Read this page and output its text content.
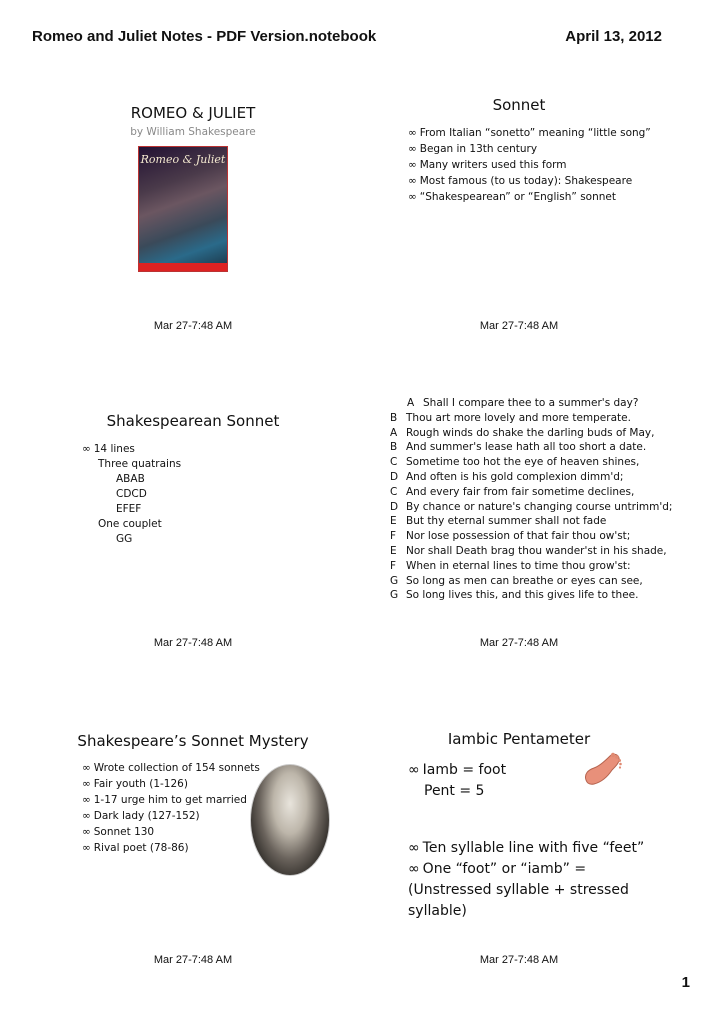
Romeo and Juliet Notes - PDF Version.notebook	April 13, 2012
ROMEO & JULIET
by William Shakespeare
Romeo & Juliet
Mar 27-7:48 AM
Sonnet
∞ From Italian “sonetto” meaning “little song”
∞ Began in 13th century
∞ Many writers used this form
∞ Most famous (to us today): Shakespeare
∞ “Shakespearean” or “English” sonnet
Mar 27-7:48 AM
Shakespearean Sonnet
∞ 14 lines
Three quatrains
ABAB
CDCD
EFEF
One couplet
GG
Mar 27-7:48 AM
A Shall I compare thee to a summer's day?
B Thou art more lovely and more temperate.
A Rough winds do shake the darling buds of May,
B And summer's lease hath all too short a date.
C Sometime too hot the eye of heaven shines,
D And often is his gold complexion dimm'd;
C And every fair from fair sometime declines,
D By chance or nature's changing course untrimm'd;
E But thy eternal summer shall not fade
F Nor lose possession of that fair thou ow'st;
E Nor shall Death brag thou wander'st in his shade,
F When in eternal lines to time thou grow'st:
G So long as men can breathe or eyes can see,
G So long lives this, and this gives life to thee.
Mar 27-7:48 AM
Shakespeare’s Sonnet Mystery
∞ Wrote collection of 154 sonnets
∞ Fair youth (1-126)
∞ 1-17 urge him to get married
∞ Dark lady (127-152)
∞ Sonnet 130
∞ Rival poet (78-86)
Mar 27-7:48 AM
Iambic Pentameter
∞ Iamb = foot
Pent = 5
∞ Ten syllable line with five “feet”
∞ One “foot” or “iamb” =
(Unstressed syllable + stressed
syllable)
Mar 27-7:48 AM
1
